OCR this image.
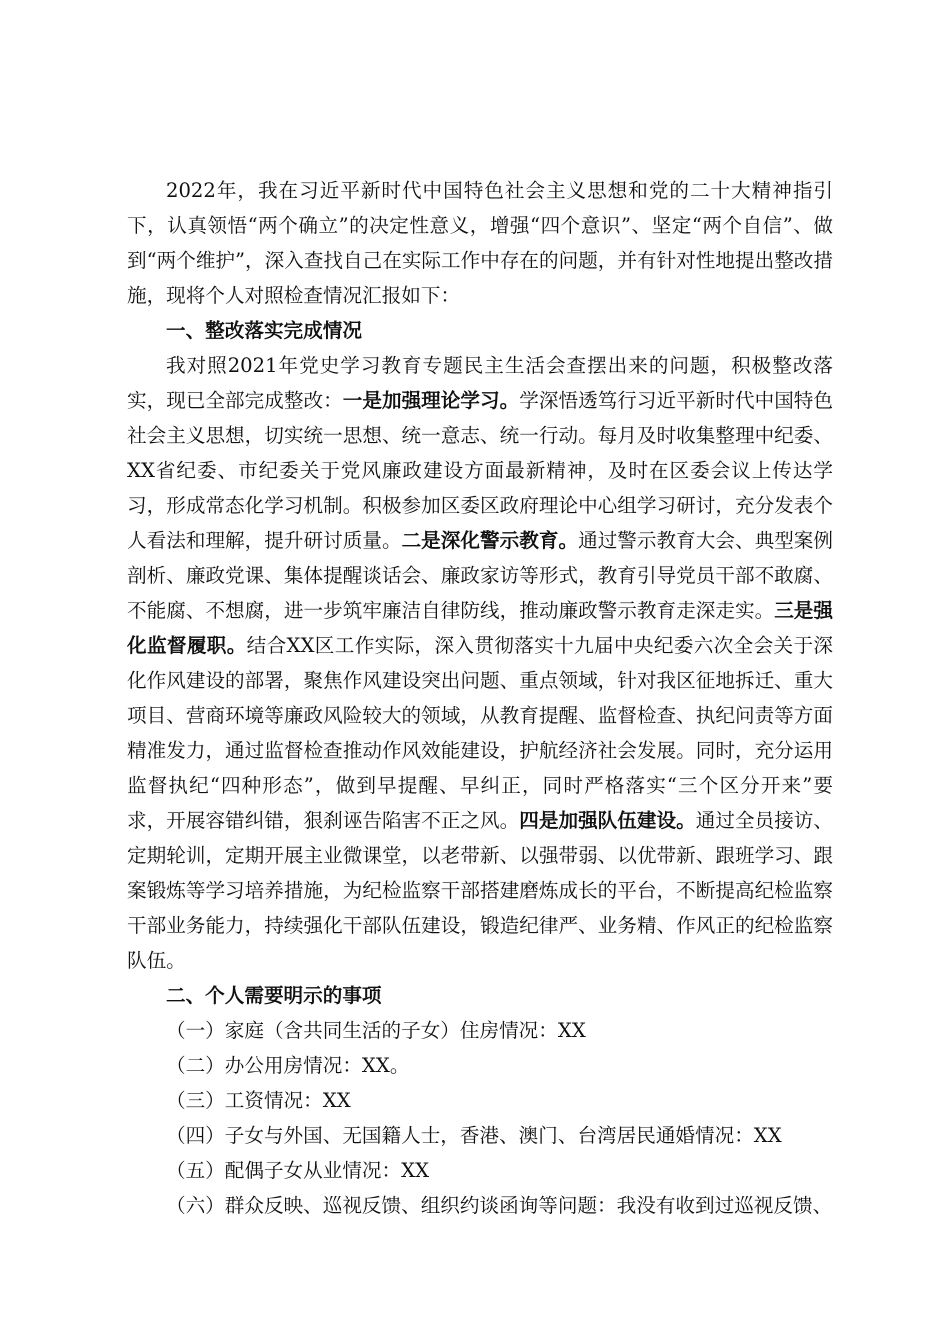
2022年，我在习近平新时代中国特色社会主义思想和党的二十大精神指引下，认真领悟“两个确立”的决定性意义，增强“四个意识”、坚定“两个自信”、做到“两个维护”，深入查找自己在实际工作中存在的问题，并有针对性地提出整改措施，现将个人对照检查情况汇报如下：

一、整改落实完成情况

我对照2021年党史学习教育专题民主生活会查摆出来的问题，积极整改落实，现已全部完成整改：一是加强理论学习。学深悟透笃行习近平新时代中国特色社会主义思想，切实统一思想、统一意志、统一行动。每月及时收集整理中纪委、XX省纪委、市纪委关于党风廉政建设方面最新精神，及时在区委会议上传达学习，形成常态化学习机制。积极参加区委区政府理论中心组学习研讨，充分发表个人看法和理解，提升研讨质量。二是深化警示教育。通过警示教育大会、典型案例剖析、廉政党课、集体提醒谈话会、廉政家访等形式，教育引导党员干部不敢腐、不能腐、不想腐，进一步筑牢廉洁自律防线，推动廉政警示教育走深走实。三是强化监督履职。结合XX区工作实际，深入贯彻落实十九届中央纪委六次全会关于深化作风建设的部署，聚焦作风建设突出问题、重点领域，针对我区征地拆迁、重大项目、营商环境等廉政风险较大的领域，从教育提醒、监督检查、执纪问责等方面精准发力，通过监督检查推动作风效能建设，护航经济社会发展。同时，充分运用监督执纪“四种形态”，做到早提醒、早纠正，同时严格落实“三个区分开来”要求，开展容错纠错，狠刹诬告陷害不正之风。四是加强队伍建设。通过全员接访、定期轮训，定期开展主业微课堂，以老带新、以强带弱、以优带新、跟班学习、跟案锻炼等学习培养措施，为纪检监察干部搭建磨炼成长的平台，不断提高纪检监察干部业务能力，持续强化干部队伍建设，锻造纪律严、业务精、作风正的纪检监察队伍。

二、个人需要明示的事项

（一）家庭（含共同生活的子女）住房情况：XX

（二）办公用房情况：XX。

（三）工资情况：XX

（四）子女与外国、无国籍人士，香港、澳门、台湾居民通婚情况：XX

（五）配偶子女从业情况：XX

（六）群众反映、巡视反馈、组织约谈函询等问题：我没有收到过巡视反馈、
